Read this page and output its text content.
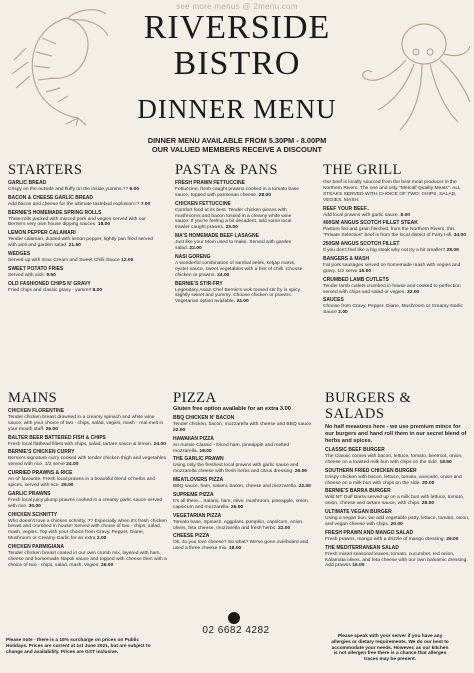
see more menus @ 2menu.com
RIVERSIDE
BISTRO
DINNER MENU
DINNER MENU AVAILABLE FROM 5.30PM - 8.00PM
OUR VALUED MEMBERS RECEIVE A DISCOUNT
STARTERS
GARLIC BREAD
Crispy on the outside and fluffy on the inside,yumms.?? 6.00
BACON & CHEESE GARLIC BREAD
Add bacon and cheese for the ultimate tastebud explosion.!? 7.00
BERNIE'S HOMEMADE SPRING ROLLS
Three rolls packed with minced pork and vegies served with our Bernie's very own house dipping sauces. 18.00
LEMON PEPPER CALAMARI
Tender calamari, dusted with lemon pepper, lightly pan fried served with aioli and garden salad. 21.50
WEDGES
Served up with Sour Cream and Sweet Chilli Sauce 12.00
SWEET POTATO FRIES
Served with aioli. 9.50
OLD FASHIONED CHIPS N' GRAVY
Fried chips and classic gravy - yumm!! 8.00
PASTA & PANS
FRESH PRAWN FETTUCCINE
Fettuccine, fresh caught prawns cooked in a tomato base sauce, topped with parmesan cheese. 28.00
CHICKEN FETTUCCINE
Comfort food at its best. Tender chicken pieces with mushrooms and bacon tossed in a creamy white wine sauce. If you're feeling a bit decadent, add some local trawler caught prawns. 23.00
MA'S HOMEMADE BEEF LASAGNE
Just like your Mom used to make. Served with garden salad. 22.00
NASI GORENG
A wonderful combination of sambal oelek, ketjap manis, oyster sauce, sweet vegetables with a hint of chilli. Choose chicken or prawns. 24.00
BERNIE'S STIR-FRY
Legendary Asian Chef Bernie's wok tossed stir fry is spicy, slightly sweet and yummy. Choose chicken or prawns. Vegetarian option available. 24.00
THE GRILL
Our beef is locally sourced from the best meat producer in the Northern Rivers..The one and only "Metcalf Quality Meats". ALL STEAKS SERVED WITH CHOICE OF TWO: CHIPS, SALAD, VEGIES, MASH.
REEF YOUR BEEF..
Add local prawns with garlic sauce. 8.00
400GM ANGUS SCOTCH FILLET STEAK
Pasture fed and grain finished, from the Northern Rivers, this "Private Selection" beef is from the local district of Fairy Hill. 34.00
250GM ANGUS SCOTCH FILLET
If you don't feel like a big steak why not try a bit smaller? 28.00
BANGERS & MASH
Fat pork sausages served on homemade mash with vegies and gravy. 1/2 serve 15.00
CRUMBED LAMB CUTLETS
Tender lamb cutlets crumbed in house and cooked to perfection served with chips and salad or vegies. 32.00
SAUCES
Choose from Gravy, Pepper, Diane, Mushroom or Creamy Garlic Sauce 2.00
MAINS
CHICKEN FLORENTINE
Tender chicken breast drowned in a creamy spinach and white wine sauce, with your choice of two - chips, salad, vegies, mash - real melt in your mouth stuff. 26.00
BALTER BEER BATTERED FISH & CHIPS
Fresh local flathead fillets with chips, salad, tartare sauce & lemon. 24.00
BERNIE'S CHICKEN CURRY
Bernie's signature curry cooked with tender chicken thigh and vegetables served with rice. 1/2 serve 24.00
CURRIED PRAWNS & RICE
An ol' favourite. Fresh local prawns in a beautiful blend of herbs and spices, served with rice. 29.00
GARLIC PRAWNS
Fresh local juicy plump prawns cooked in a creamy garlic sauce served with rice. 30.00
CHICKEN SCHNITTY
Who doesn't love a chicken schnitty..?? Especially when it's fresh chicken breast and crumbed in house! Served with choice of two - chips, salad, mash, vegies. Top with your choice from Gravy, Pepper, Diane, Mushroom or Creamy Garlic for an extra 2.00
CHICKEN PARMIGIANA
Tender chicken breast coated in our own crumb mix, layered with ham, cheese and homemade Napoli sauce and topped with cheese then with a choice of two - chips, salad, mash, vegies. 26.00
PIZZA
Gluten free option available for an extra 3.00
BBQ CHICKEN N' BACON
Tender chicken, bacon, mozzarella with cheese and BBQ sauce. 22.00
HAWAIIAN PIZZA
An Aussie Classic - Diced ham, pineapple and melted mozzarella. 18.00
THE GARLIC PRAWN
Using only the freshest local prawns with garlic sauce and mozzarella cheese with fresh herbs and citrus dressing. 26.00
MEATLOVERS PIZZA
BBQ sauce, ham, salami, bacon, cheese and mozzarella. 22.00
SUPREME PIZZA
It's all there... Salami, ham, olive, mushroom, pineapple, onion, capsicum and mozzarella. 26.00
VEGETARIAN PIZZA
Tomato base, Spinach, eggplant, pumpkin, capsicum, onion, olives, feta cheese, mozzarella and fresh herbs. 22.00
CHEESE PIZZA
Ok, so you love cheese? So what? We've gone overboard and used a three cheese mix. 18.00
BURGERS & SALADS
No half measures here - we use premium mince for our burgers and hand roll them in our secret blend of herbs and spices.
CLASSIC BEEF BURGER
The Classic comes with bacon, lettuce, tomato, beetroot, onion, cheese on a toasted milk bun with chips on the side. 18.50
SOUTHERN FRIED CHICKEN BURGER
Crispy chicken with bacon, lettuce, tomato, avocado, onion and cheese on a milk bun with chips on the side. 20.00
BERNIE'S BARRA BURGER
Wild NT Gulf Barra served up on a milk bun with lettuce, tomato, onion, cheese and tartare sauce, with chips. 28.00
ULTIMATE VEGAN BURGER
Using a vegan bun, we add vegetable patty, lettuce, tomato, onion, and vegan cheese with chips. 20.00
FRESH PRAWN AND MANGO SALAD
Fresh prawns, mango with a drizzle of mango dressing. 26.00
THE MEDITERRANEAN SALAD
Fresh mixed seasonal leaves, tomato, cucumber, red onion, Kalamata olives, and feta cheese with our own balsamic dressing. Add prawns 16.00
02 6682 4282
Please note - there is a 15% surcharge on prices on Public Holidays. Prices are current at 1st June 2021, but are subject to change and availability. Prices are GST inclusive.
Please speak with your server if you have any allergies or dietary requirements. We do our best to accommodate your needs. However, as our kitchen is not allergen free there is a chance that allergen traces may be present.
